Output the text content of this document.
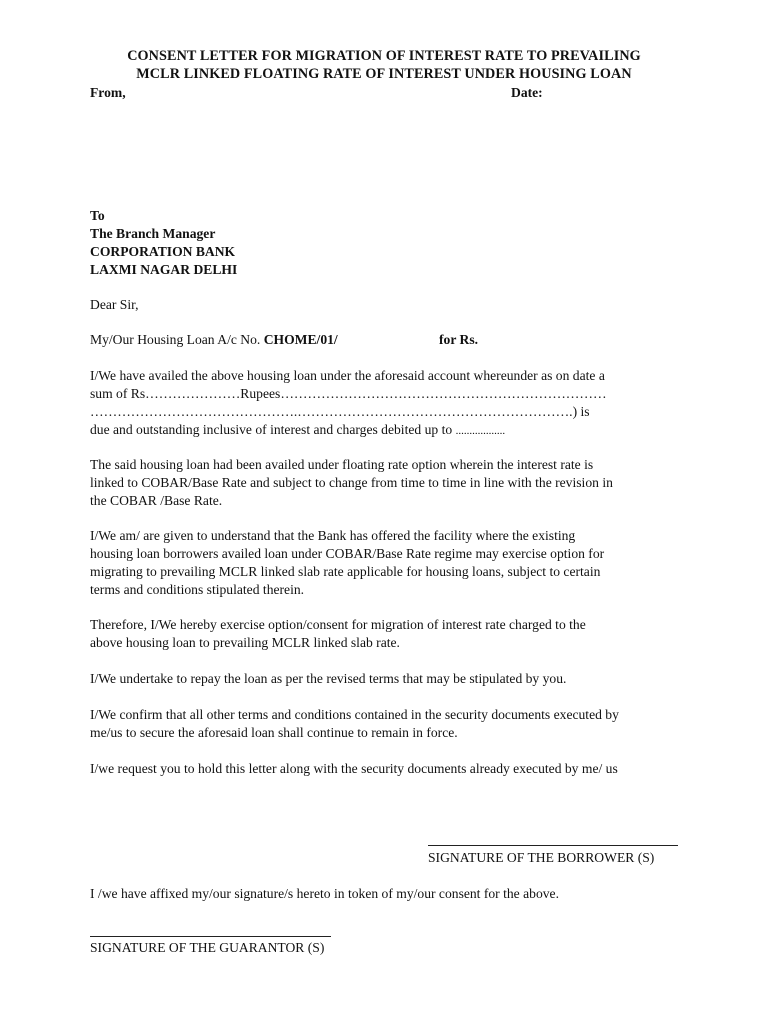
CONSENT LETTER FOR MIGRATION OF INTEREST RATE TO PREVAILING
MCLR LINKED FLOATING RATE OF INTEREST UNDER HOUSING LOAN
From,	Date:
To
The Branch Manager
CORPORATION BANK
LAXMI NAGAR DELHI
Dear Sir,
My/Our Housing Loan A/c No. CHOME/01/	for Rs.
I/We have availed the above housing loan under the aforesaid account whereunder as on date a
sum of Rs…………………Rupees………………………………………………………………
……………………………………….…………………………………………………….) is
due and outstanding inclusive of interest and charges debited up to ..................
The said housing loan had been availed under floating rate option wherein the interest rate is
linked to COBAR/Base Rate and subject to change from time to time in line with the revision in
the COBAR /Base Rate.
I/We am/ are given to understand that the Bank has offered the facility where the existing
housing loan borrowers availed loan under COBAR/Base Rate regime may exercise option for
migrating to prevailing MCLR linked slab rate applicable for housing loans, subject to certain
terms and conditions stipulated therein.
Therefore, I/We hereby exercise option/consent for migration of interest rate charged to the
above housing loan to prevailing MCLR linked slab rate.
I/We undertake to repay the loan as per the revised terms that may be stipulated by you.
I/We confirm that all other terms and conditions contained in the security documents executed by
me/us to secure the aforesaid loan shall continue to remain in force.
I/we request you to hold this letter along with the security documents already executed by me/ us
SIGNATURE OF THE BORROWER (S)
I /we have affixed my/our signature/s hereto in token of my/our consent for the above.
SIGNATURE OF THE GUARANTOR (S)
